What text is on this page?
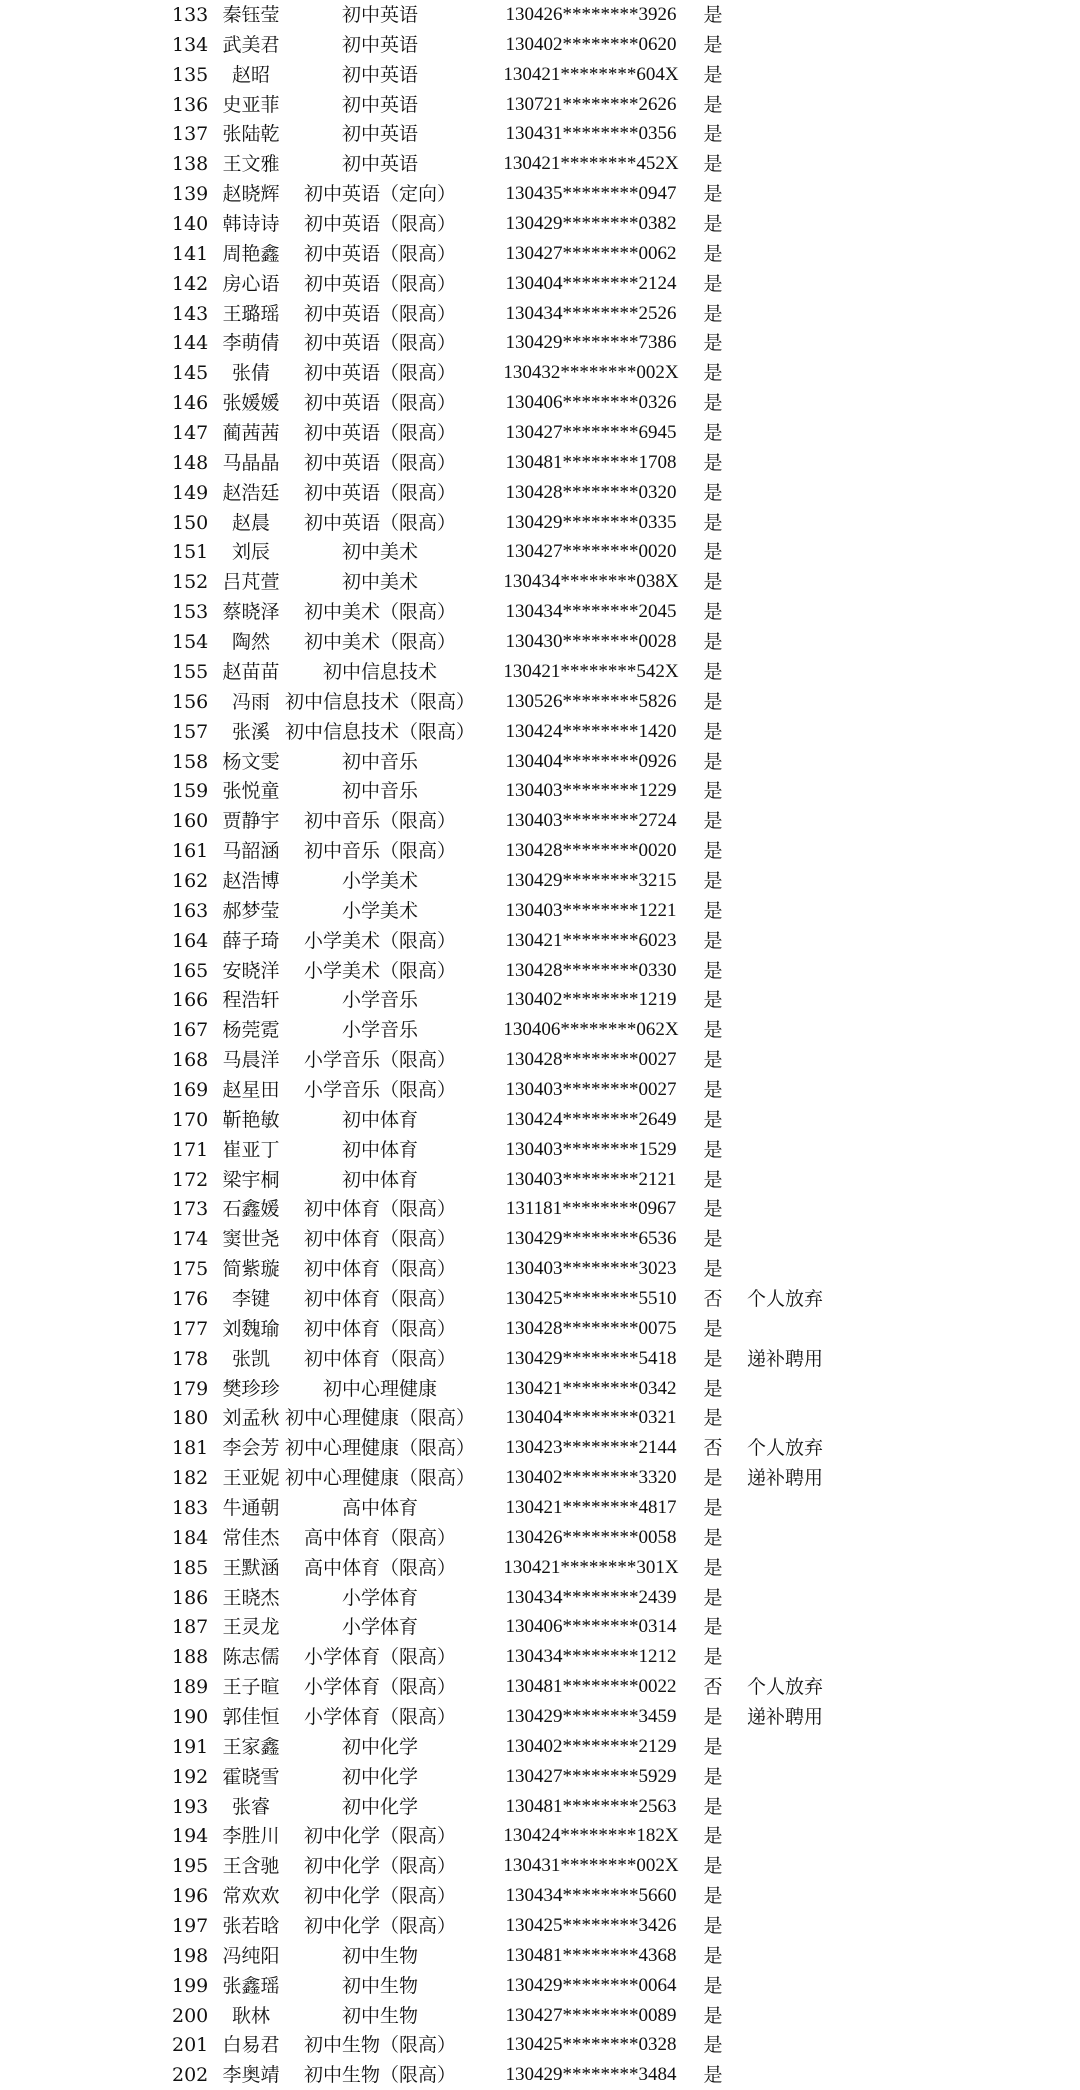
133 秦钰莹	初中英语	130426********3926	是
134 武美君	初中英语	130402********0620	是
135	赵昭	初中英语	130421********604X	是
136 史亚菲	初中英语	130721********2626	是
137 张陆乾	初中英语	130431********0356	是
138 王文雅	初中英语	130421********452X	是
139 赵晓辉	初中英语（定向）	130435********0947	是
140 韩诗诗	初中英语（限高）	130429********0382	是
141 周艳鑫	初中英语（限高）	130427********0062	是
142 房心语	初中英语（限高）	130404********2124	是
143 王璐瑶	初中英语（限高）	130434********2526	是
144 李萌倩	初中英语（限高）	130429********7386	是
145	张倩	初中英语（限高）	130432********002X	是
146 张媛媛	初中英语（限高）	130406********0326	是
147 蔺茜茜	初中英语（限高）	130427********6945	是
148 马晶晶	初中英语（限高）	130481********1708	是
149 赵浩廷	初中英语（限高）	130428********0320	是
150	赵晨	初中英语（限高）	130429********0335	是
151	刘辰	初中美术	130427********0020	是
152 吕芃萱	初中美术	130434********038X	是
153 蔡晓泽	初中美术（限高）	130434********2045	是
154	陶然	初中美术（限高）	130430********0028	是
155 赵苗苗	初中信息技术	130421********542X	是
156	冯雨 初中信息技术（限高）	130526********5826	是
157	张溪 初中信息技术（限高）	130424********1420	是
158 杨文雯	初中音乐	130404********0926	是
159 张悦童	初中音乐	130403********1229	是
160 贾静宇	初中音乐（限高）	130403********2724	是
161 马韶涵	初中音乐（限高）	130428********0020	是
162 赵浩博	小学美术	130429********3215	是
163 郝梦莹	小学美术	130403********1221	是
164 薛子琦	小学美术（限高）	130421********6023	是
165 安晓洋	小学美术（限高）	130428********0330	是
166 程浩轩	小学音乐	130402********1219	是
167 杨莞霓	小学音乐	130406********062X	是
168 马晨洋	小学音乐（限高）	130428********0027	是
169 赵星田	小学音乐（限高）	130403********0027	是
170 靳艳敏	初中体育	130424********2649	是
171 崔亚丁	初中体育	130403********1529	是
172 梁宇桐	初中体育	130403********2121	是
173 石鑫媛	初中体育（限高）	131181********0967	是
174 窦世尧	初中体育（限高）	130429********6536	是
175 简紫璇	初中体育（限高）	130403********3023	是
176	李键	初中体育（限高）	130425********5510	否 个人放弃
177 刘魏瑜	初中体育（限高）	130428********0075	是
178	张凯	初中体育（限高）	130429********5418	是 递补聘用
179 樊珍珍	初中心理健康	130421********0342	是
180 刘孟秋 初中心理健康（限高）	130404********0321	是
181 李会芳 初中心理健康（限高）	130423********2144	否 个人放弃
182 王亚妮 初中心理健康（限高）	130402********3320	是 递补聘用
183 牛通朝	高中体育	130421********4817	是
184 常佳杰	高中体育（限高）	130426********0058	是
185 王默涵	高中体育（限高）	130421********301X	是
186 王晓杰	小学体育	130434********2439	是
187 王灵龙	小学体育	130406********0314	是
188 陈志儒	小学体育（限高）	130434********1212	是
189 王子暄	小学体育（限高）	130481********0022	否 个人放弃
190 郭佳恒	小学体育（限高）	130429********3459	是 递补聘用
191 王家鑫	初中化学	130402********2129	是
192 霍晓雪	初中化学	130427********5929	是
193	张睿	初中化学	130481********2563	是
194 李胜川	初中化学（限高）	130424********182X	是
195 王含驰	初中化学（限高）	130431********002X	是
196 常欢欢	初中化学（限高）	130434********5660	是
197 张若晗	初中化学（限高）	130425********3426	是
198 冯纯阳	初中生物	130481********4368	是
199 张鑫瑶	初中生物	130429********0064	是
200	耿林	初中生物	130427********0089	是
201 白易君	初中生物（限高）	130425********0328	是
202 李奥靖	初中生物（限高）	130429********3484	是
